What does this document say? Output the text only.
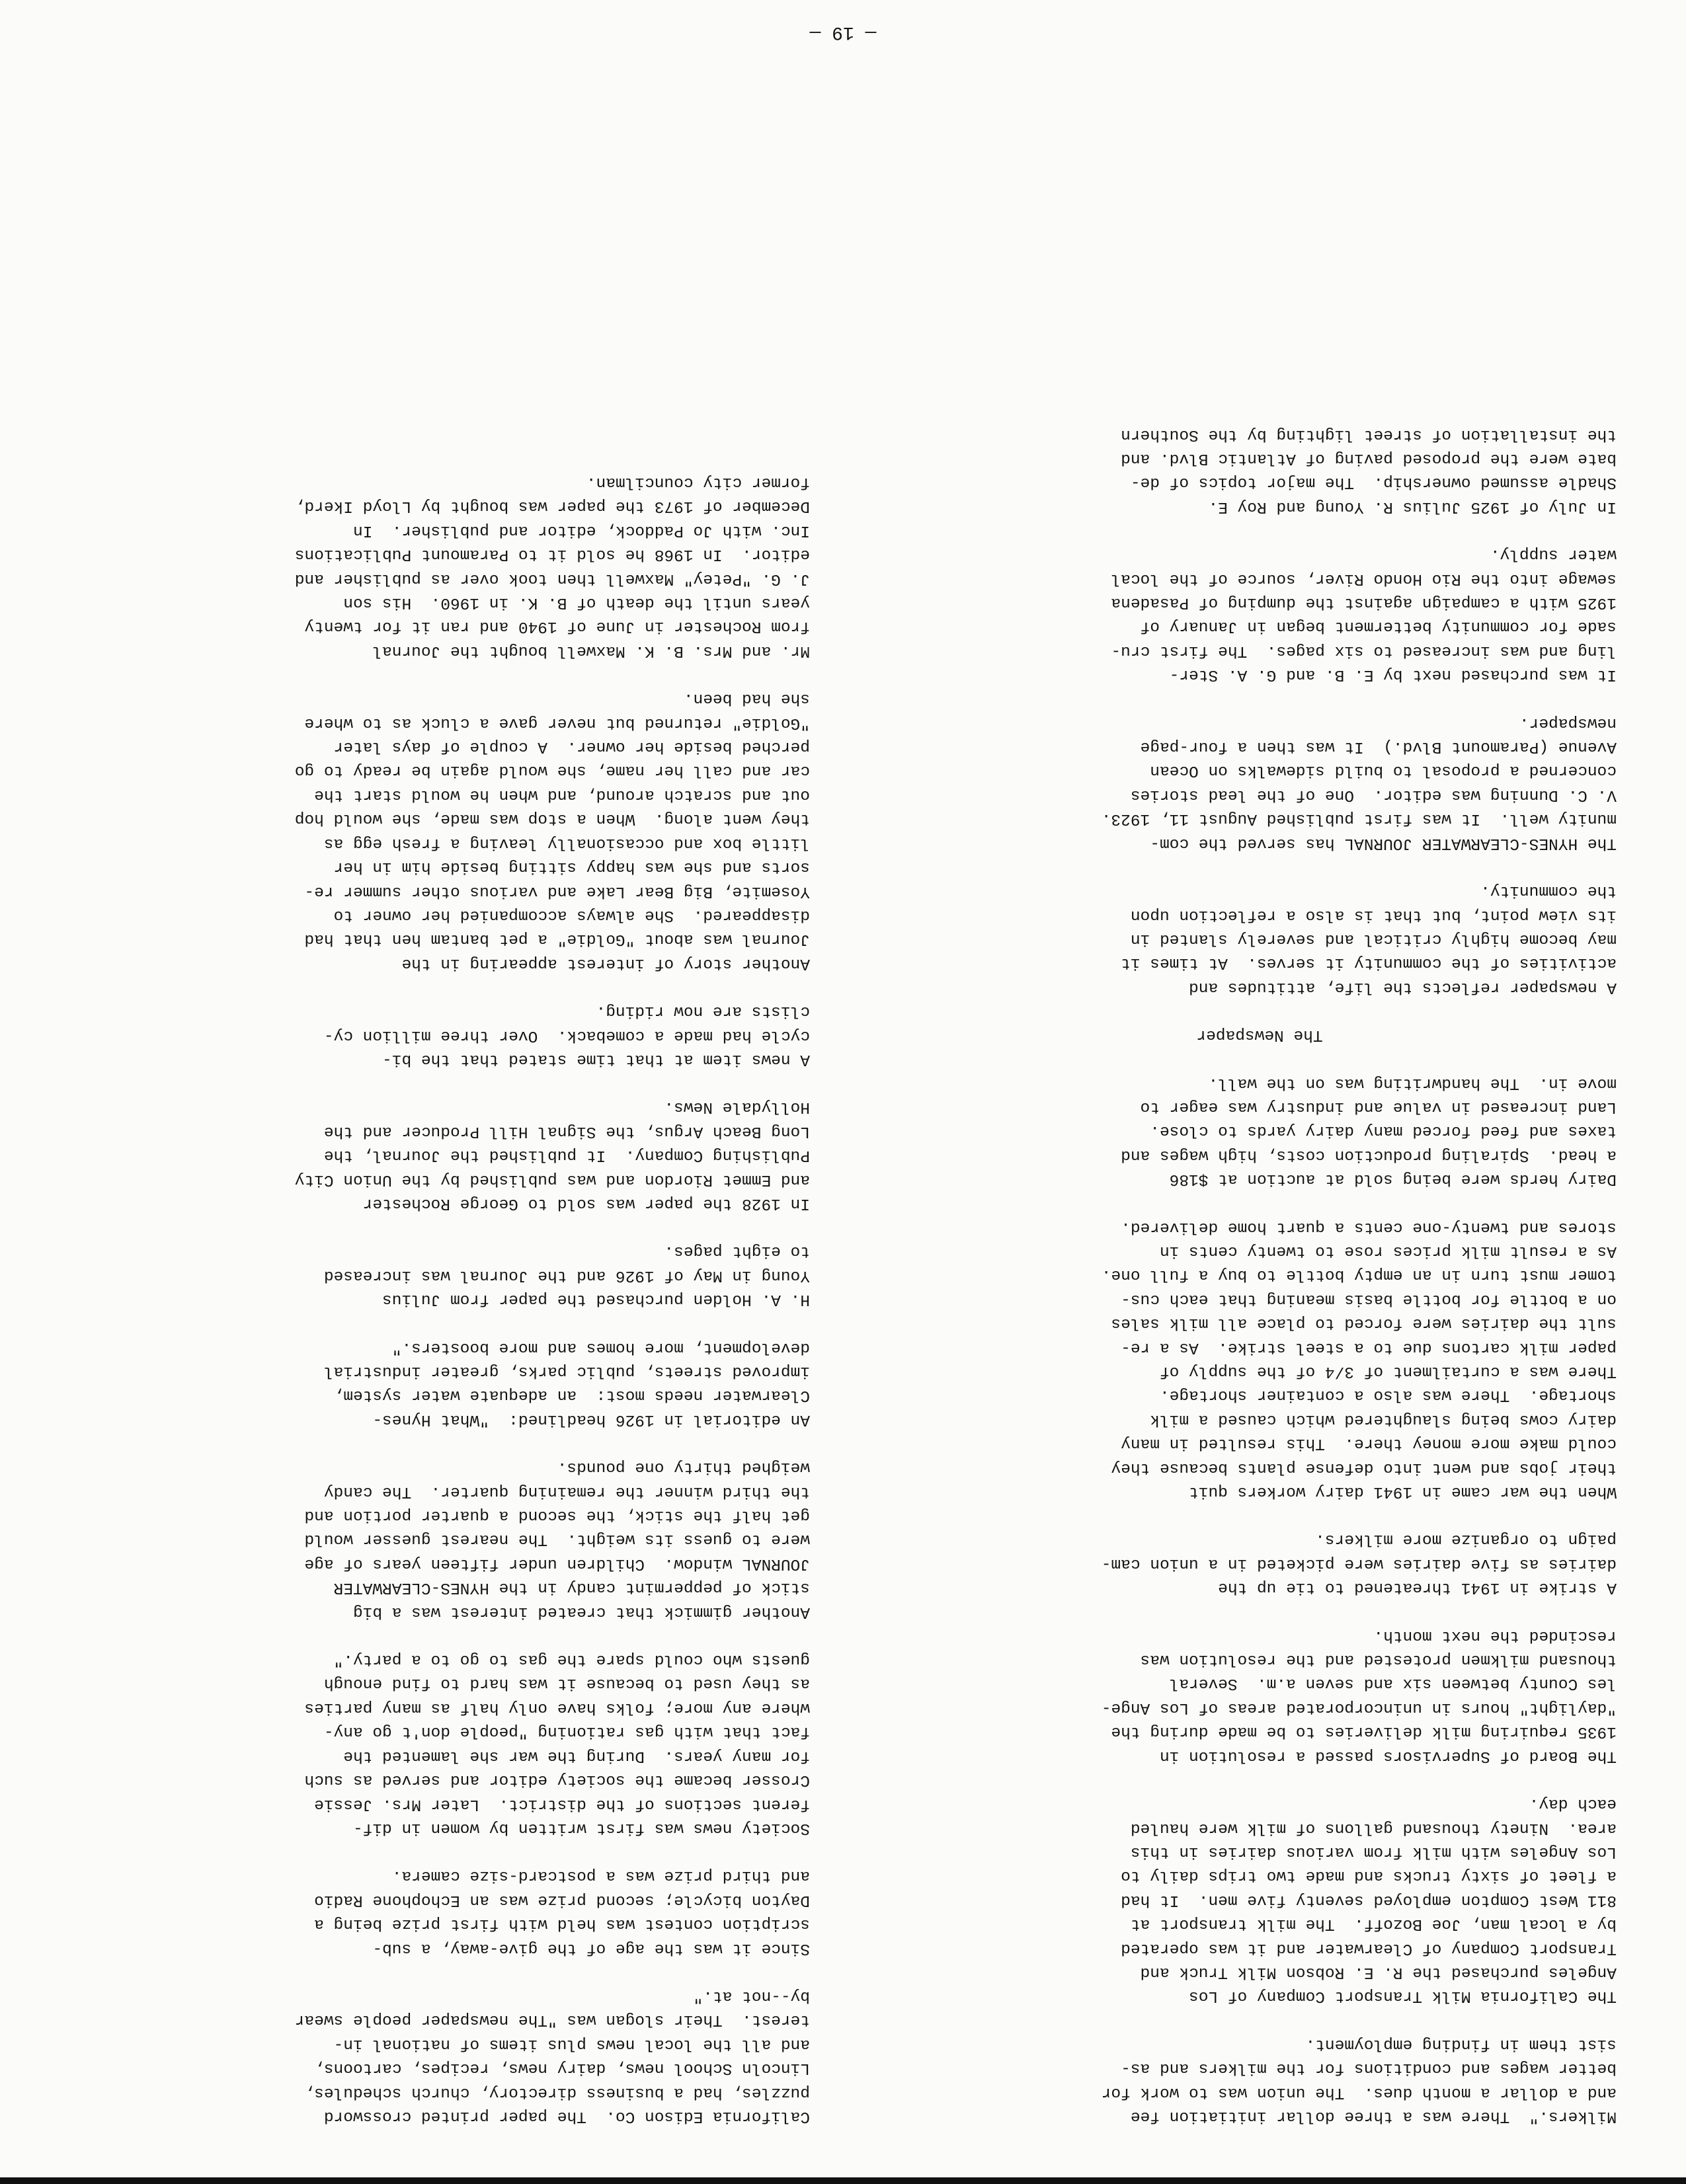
Milkers."  There was a three dollar initiation fee
and a dollar a month dues.  The union was to work for
better wages and conditions for the milkers and as-
sist them in finding employment.

The California Milk Transport Company of Los
Angeles purchased the R. E. Robson Milk Truck and
Transport Company of Clearwater and it was operated
by a local man, Joe Bozoff.  The milk transport at
811 West Compton employed seventy five men.  It had
a fleet of sixty trucks and made two trips daily to
Los Angeles with milk from various dairies in this
area.  Ninety thousand gallons of milk were hauled
each day.

The Board of Supervisors passed a resolution in
1935 requiring milk deliveries to be made during the
"daylight" hours in unincorporated areas of Los Ange-
les County between six and seven a.m.  Several
thousand milkmen protested and the resolution was
rescinded the next month.

A strike in 1941 threatened to tie up the
dairies as five dairies were picketed in a union cam-
paign to organize more milkers.

When the war came in 1941 dairy workers quit
their jobs and went into defense plants because they
could make more money there.  This resulted in many
dairy cows being slaughtered which caused a milk
shortage.  There was also a container shortage.
There was a curtailment of 3/4 of the supply of
paper milk cartons due to a steel strike.  As a re-
sult the dairies were forced to place all milk sales
on a bottle for bottle basis meaning that each cus-
tomer must turn in an empty bottle to buy a full one.
As a result milk prices rose to twenty cents in
stores and twenty-one cents a quart home delivered.

Dairy herds were being sold at auction at $186
a head.  Spiraling production costs, high wages and
taxes and feed forced many dairy yards to close.
Land increased in value and industry was eager to
move in.  The handwriting was on the wall.

The Newspaper

A newspaper reflects the life, attitudes and
activities of the community it serves.  At times it
may become highly critical and severely slanted in
its view point, but that is also a reflection upon
the community.

The HYNES-CLEARWATER JOURNAL has served the com-
munity well.  It was first published August 11, 1923.
V. C. Dunning was editor.  One of the lead stories
concerned a proposal to build sidewalks on Ocean
Avenue (Paramount Blvd.)  It was then a four-page
newspaper.

It was purchased next by E. B. and G. A. Ster-
ling and was increased to six pages.  The first cru-
sade for community betterment began in January of
1925 with a campaign against the dumping of Pasadena
sewage into the Rio Hondo River, source of the local
water supply.

In July of 1925 Julius R. Young and Roy E.
Shadle assumed ownership.  The major topics of de-
bate were the proposed paving of Atlantic Blvd. and
the installation of street lighting by the Southern

California Edison Co.  The paper printed crossword
puzzles, had a business directory, church schedules,
Lincoln School news, dairy news, recipes, cartoons,
and all the local news plus items of national in-
terest.  Their slogan was "The newspaper people swear
by--not at."

Since it was the age of the give-away, a sub-
scription contest was held with first prize being a
Dayton bicycle; second prize was an Echophone Radio
and third prize was a postcard-size camera.

Society news was first written by women in dif-
ferent sections of the district.  Later Mrs. Jessie
Crosser became the society editor and served as such
for many years.  During the war she lamented the
fact that with gas rationing "people don't go any-
where any more; folks have only half as many parties
as they used to because it was hard to find enough
guests who could spare the gas to go to a party."

Another gimmick that created interest was a big
stick of peppermint candy in the HYNES-CLEARWATER
JOURNAL window.  Children under fifteen years of age
were to guess its weight.  The nearest guesser would
get half the stick, the second a quarter portion and
the third winner the remaining quarter.  The candy
weighed thirty one pounds.

An editorial in 1926 headlined:  "What Hynes-
Clearwater needs most:  an adequate water system,
improved streets, public parks, greater industrial
development, more homes and more boosters."

H. A. Holden purchased the paper from Julius
Young in May of 1926 and the Journal was increased
to eight pages.

In 1928 the paper was sold to George Rochester
and Emmet Riordon and was published by the Union City
Publishing Company.  It published the Journal, the
Long Beach Argus, the Signal Hill Producer and the
Hollydale News.

A news item at that time stated that the bi-
cycle had made a comeback.  Over three million cy-
clists are now riding.

Another story of interest appearing in the
Journal was about "Goldie" a pet bantam hen that had
disappeared.  She always accompanied her owner to
Yosemite, Big Bear Lake and various other summer re-
sorts and she was happy sitting beside him in her
little box and occasionally leaving a fresh egg as
they went along.  When a stop was made, she would hop
out and scratch around, and when he would start the
car and call her name, she would again be ready to go
perched beside her owner.  A couple of days later
"Goldie" returned but never gave a cluck as to where
she had been.

Mr. and Mrs. B. K. Maxwell bought the Journal
from Rochester in June of 1940 and ran it for twenty
years until the death of B. K. in 1960.  His son
J. G. "Petey" Maxwell then took over as publisher and
editor.  In 1968 he sold it to Paramount Publications
Inc. with Jo Paddock, editor and publisher.  In
December of 1973 the paper was bought by Lloyd Ikerd,
former city councilman.

— 19 —
